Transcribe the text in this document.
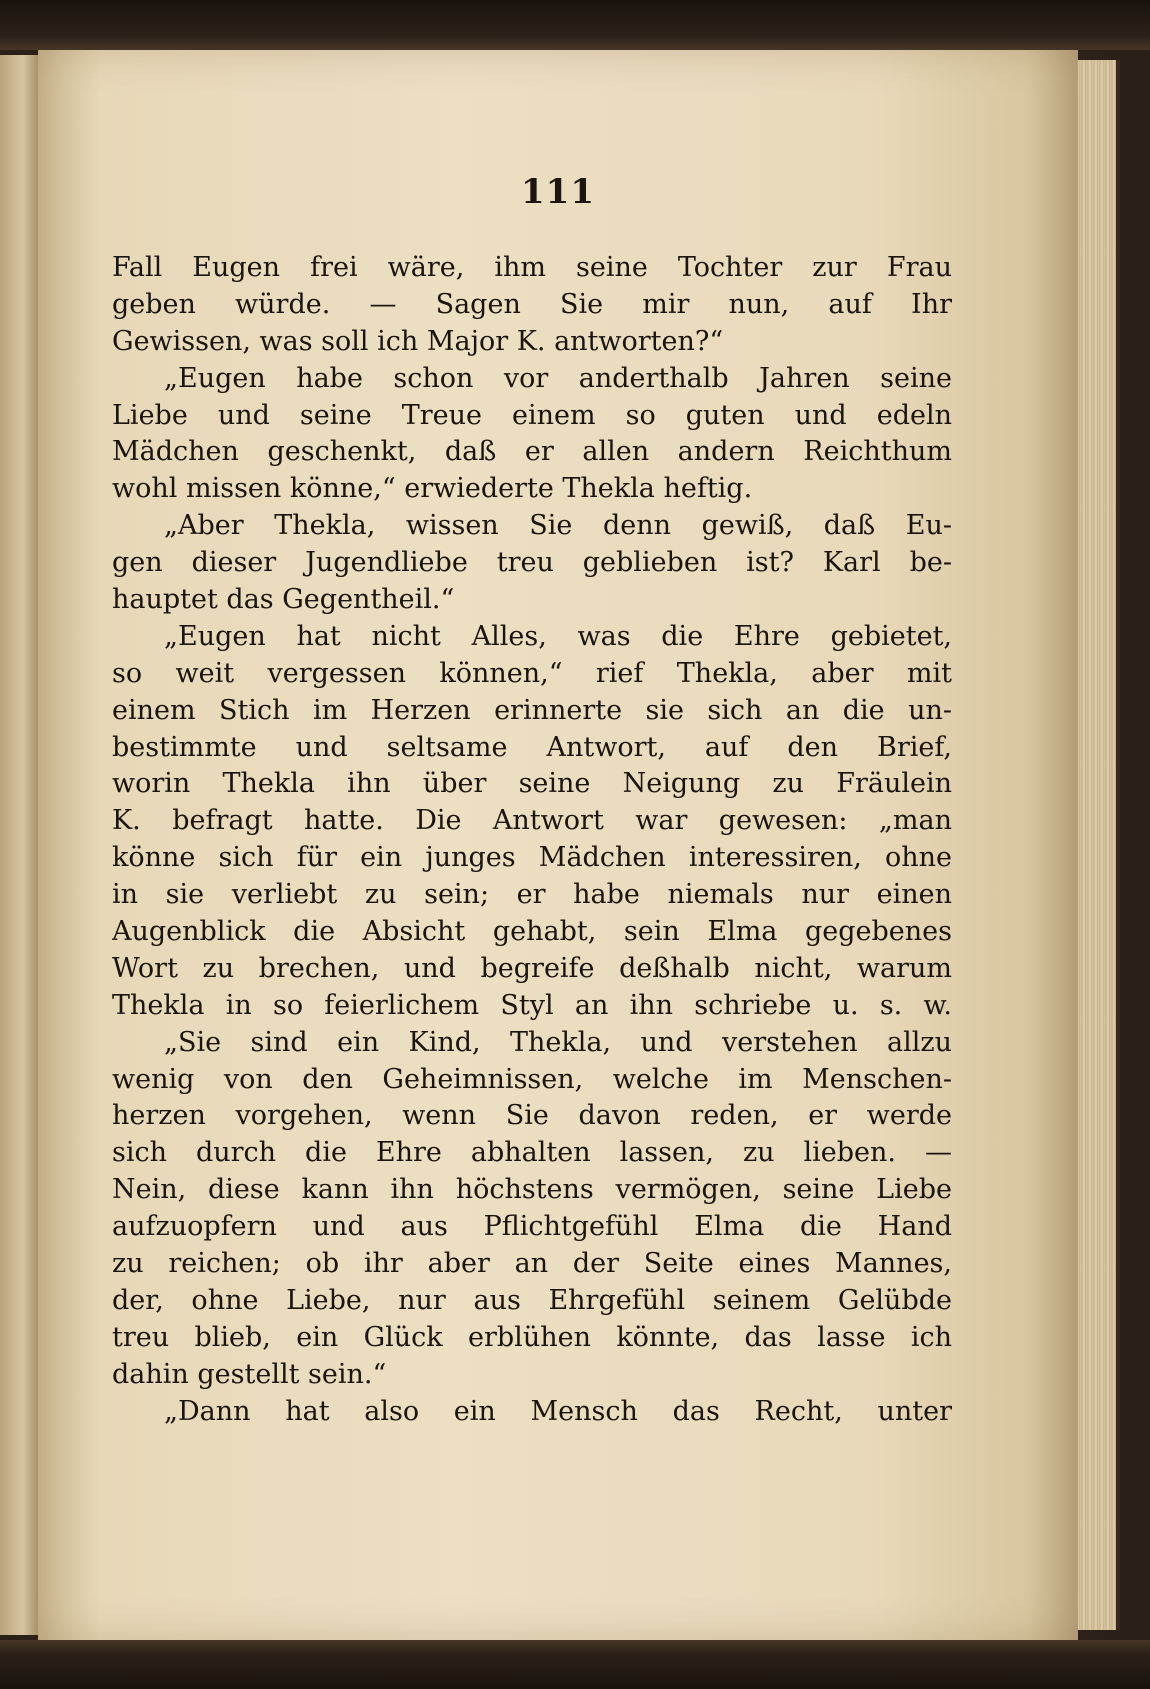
111
Fall Eugen frei wäre, ihm seine Tochter zur Frau
geben würde. — Sagen Sie mir nun, auf Ihr
Gewissen, was soll ich Major K. antworten?“
„Eugen habe schon vor anderthalb Jahren seine
Liebe und seine Treue einem so guten und edeln
Mädchen geschenkt, daß er allen andern Reichthum
wohl missen könne,“ erwiederte Thekla heftig.
„Aber Thekla, wissen Sie denn gewiß, daß Eu-
gen dieser Jugendliebe treu geblieben ist? Karl be-
hauptet das Gegentheil.“
„Eugen hat nicht Alles, was die Ehre gebietet,
so weit vergessen können,“ rief Thekla, aber mit
einem Stich im Herzen erinnerte sie sich an die un-
bestimmte und seltsame Antwort, auf den Brief,
worin Thekla ihn über seine Neigung zu Fräulein
K. befragt hatte. Die Antwort war gewesen: „man
könne sich für ein junges Mädchen interessiren, ohne
in sie verliebt zu sein; er habe niemals nur einen
Augenblick die Absicht gehabt, sein Elma gegebenes
Wort zu brechen, und begreife deßhalb nicht, warum
Thekla in so feierlichem Styl an ihn schriebe u. s. w.
„Sie sind ein Kind, Thekla, und verstehen allzu
wenig von den Geheimnissen, welche im Menschen-
herzen vorgehen, wenn Sie davon reden, er werde
sich durch die Ehre abhalten lassen, zu lieben. —
Nein, diese kann ihn höchstens vermögen, seine Liebe
aufzuopfern und aus Pflichtgefühl Elma die Hand
zu reichen; ob ihr aber an der Seite eines Mannes,
der, ohne Liebe, nur aus Ehrgefühl seinem Gelübde
treu blieb, ein Glück erblühen könnte, das lasse ich
dahin gestellt sein.“
„Dann hat also ein Mensch das Recht, unter
